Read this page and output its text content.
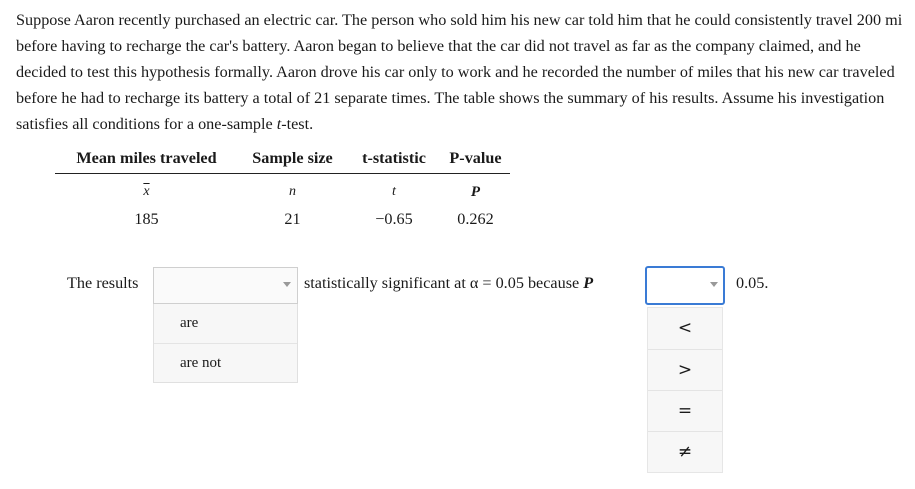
Suppose Aaron recently purchased an electric car. The person who sold him his new car told him that he could consistently travel 200 mi before having to recharge the car's battery. Aaron began to believe that the car did not travel as far as the company claimed, and he decided to test this hypothesis formally. Aaron drove his car only to work and he recorded the number of miles that his new car traveled before he had to recharge its battery a total of 21 separate times. The table shows the summary of his results. Assume his investigation satisfies all conditions for a one-sample t-test.

Mean miles traveled	Sample size	t-statistic	P-value
$\overline{x}$	n	t	P
185	21	−0.65	0.262
The results
are
are not
statistically significant at α = 0.05 because P
<
>
=
≠
0.05.
